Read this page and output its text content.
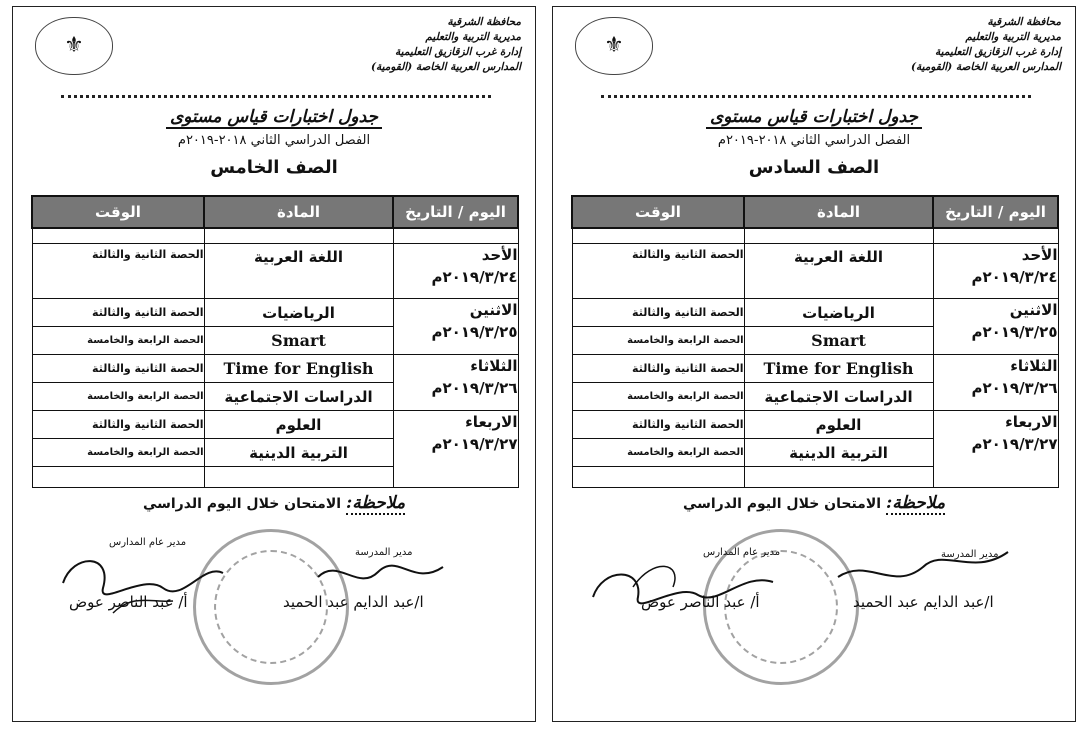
محافظة الشرقية
مديرية التربية والتعليم
إدارة غرب الزقازيق التعليمية
المدارس العربية الخاصة (القومية)
⚜
جدول اختبارات قياس مستوى
الفصل الدراسي الثاني ٢٠١٨-٢٠١٩م
الصف الخامس
اليوم / التاريخ	المادة	الوقت

الأحد
٢٠١٩/٣/٢٤م	اللغة العربية	الحصة الثانية والثالثة

الاثنين
٢٠١٩/٣/٢٥م	الرياضيات	الحصة الثانية والثالثة
	Smart	الحصة الرابعة والخامسة

الثلاثاء
٢٠١٩/٣/٢٦م	Time for English	الحصة الثانية والثالثة
	الدراسات الاجتماعية	الحصة الرابعة والخامسة

الاربعاء
٢٠١٩/٣/٢٧م	العلوم	الحصة الثانية والثالثة
	التربية الدينية	الحصة الرابعة والخامسة

ملاحظة: الامتحان خلال اليوم الدراسي
مدير المدرسة
مدير عام المدارس
ا/عبد الدايم عبد الحميد
أ/ عبد الناصر عوض
محافظة الشرقية
مديرية التربية والتعليم
إدارة غرب الزقازيق التعليمية
المدارس العربية الخاصة (القومية)
⚜
جدول اختبارات قياس مستوى
الفصل الدراسي الثاني ٢٠١٨-٢٠١٩م
الصف السادس
اليوم / التاريخ	المادة	الوقت

الأحد
٢٠١٩/٣/٢٤م	اللغة العربية	الحصة الثانية والثالثة

الاثنين
٢٠١٩/٣/٢٥م	الرياضيات	الحصة الثانية والثالثة
	Smart	الحصة الرابعة والخامسة

الثلاثاء
٢٠١٩/٣/٢٦م	Time for English	الحصة الثانية والثالثة
	الدراسات الاجتماعية	الحصة الرابعة والخامسة

الاربعاء
٢٠١٩/٣/٢٧م	العلوم	الحصة الثانية والثالثة
	التربية الدينية	الحصة الرابعة والخامسة

ملاحظة: الامتحان خلال اليوم الدراسي
مدير المدرسة
مدير عام المدارس
ا/عبد الدايم عبد الحميد
أ/ عبد الناصر عوض
